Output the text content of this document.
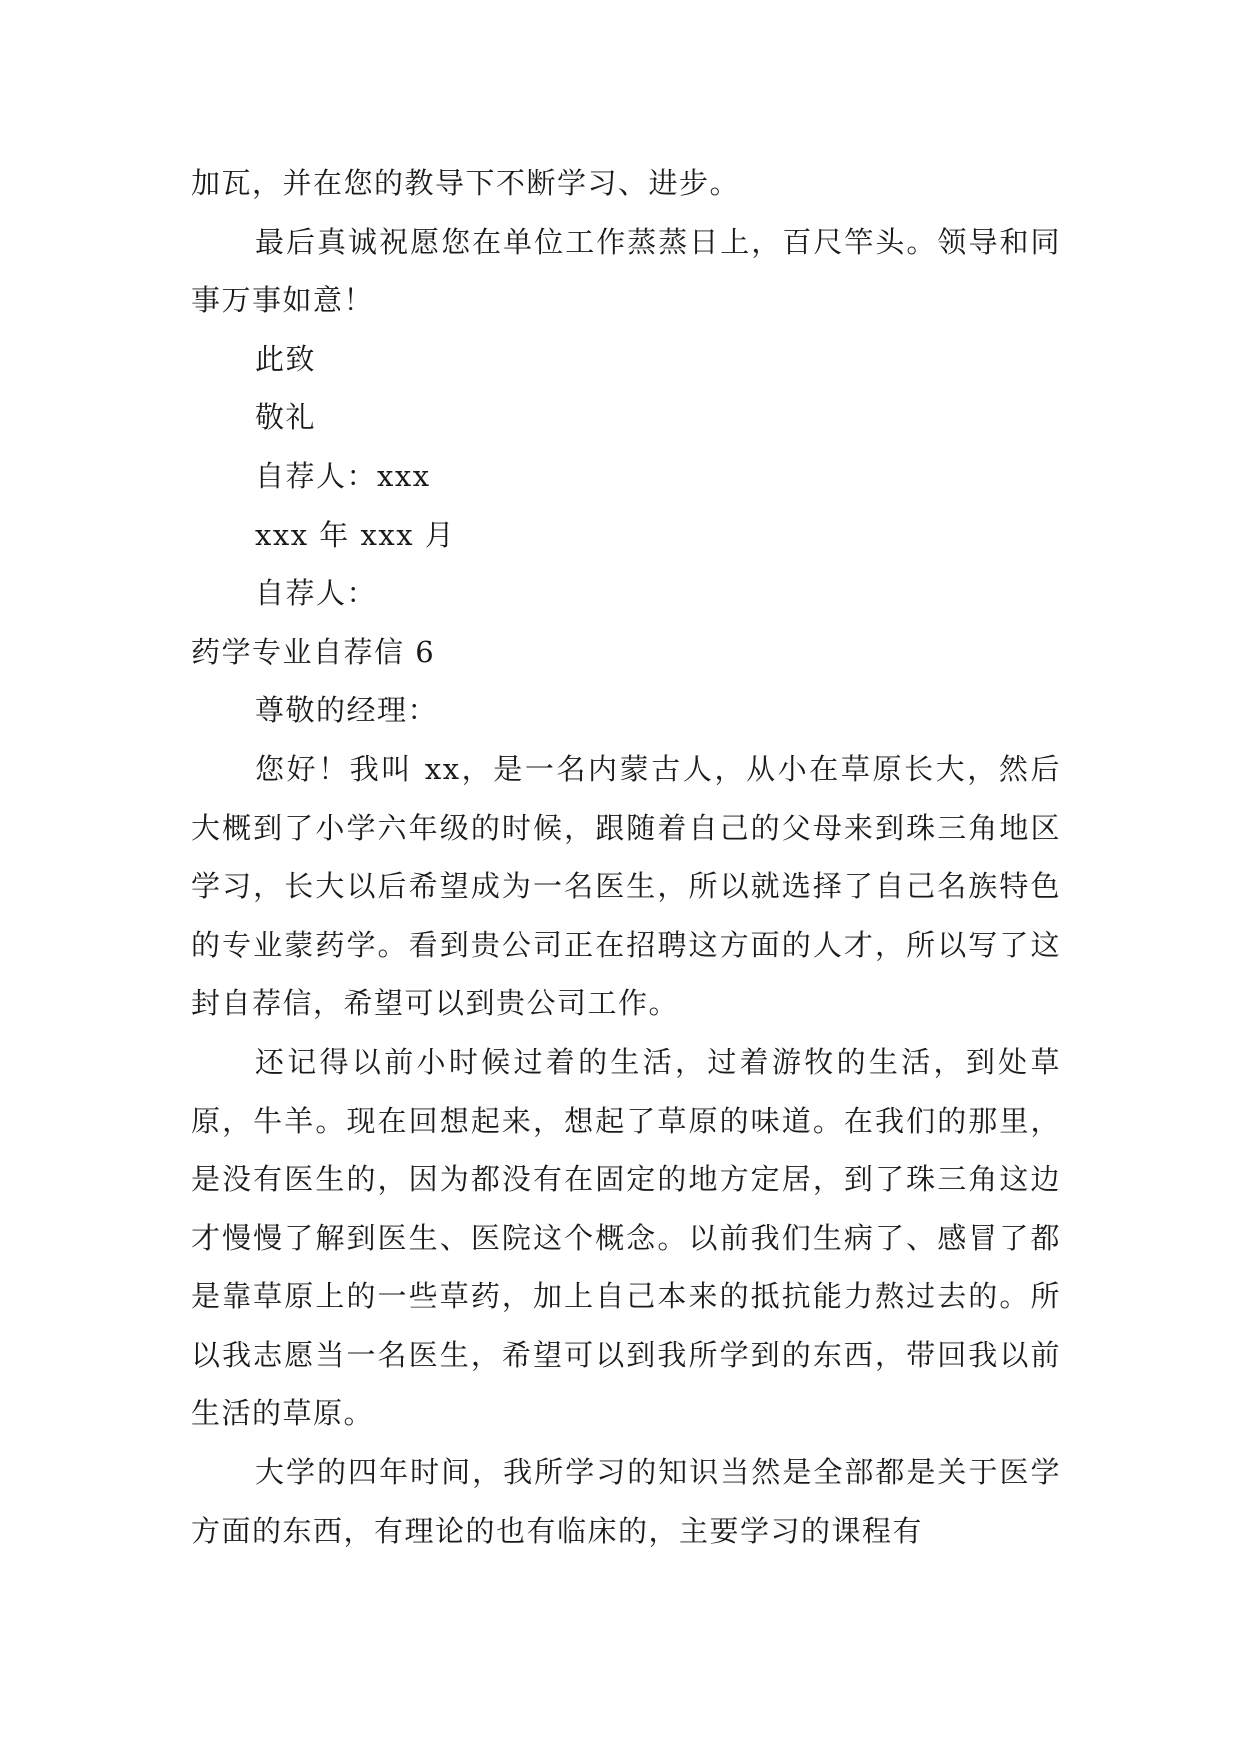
加瓦，并在您的教导下不断学习、进步。

最后真诚祝愿您在单位工作蒸蒸日上，百尺竿头。领导和同事万事如意！

此致

敬礼

自荐人：xxx

xxx 年 xxx 月

自荐人：

药学专业自荐信 6

尊敬的经理：

您好！我叫 xx，是一名内蒙古人，从小在草原长大，然后大概到了小学六年级的时候，跟随着自己的父母来到珠三角地区学习，长大以后希望成为一名医生，所以就选择了自己名族特色的专业蒙药学。看到贵公司正在招聘这方面的人才，所以写了这封自荐信，希望可以到贵公司工作。

还记得以前小时候过着的生活，过着游牧的生活，到处草原，牛羊。现在回想起来，想起了草原的味道。在我们的那里，是没有医生的，因为都没有在固定的地方定居，到了珠三角这边才慢慢了解到医生、医院这个概念。以前我们生病了、感冒了都是靠草原上的一些草药，加上自己本来的抵抗能力熬过去的。所以我志愿当一名医生，希望可以到我所学到的东西，带回我以前生活的草原。

大学的四年时间，我所学习的知识当然是全部都是关于医学方面的东西，有理论的也有临床的，主要学习的课程有
